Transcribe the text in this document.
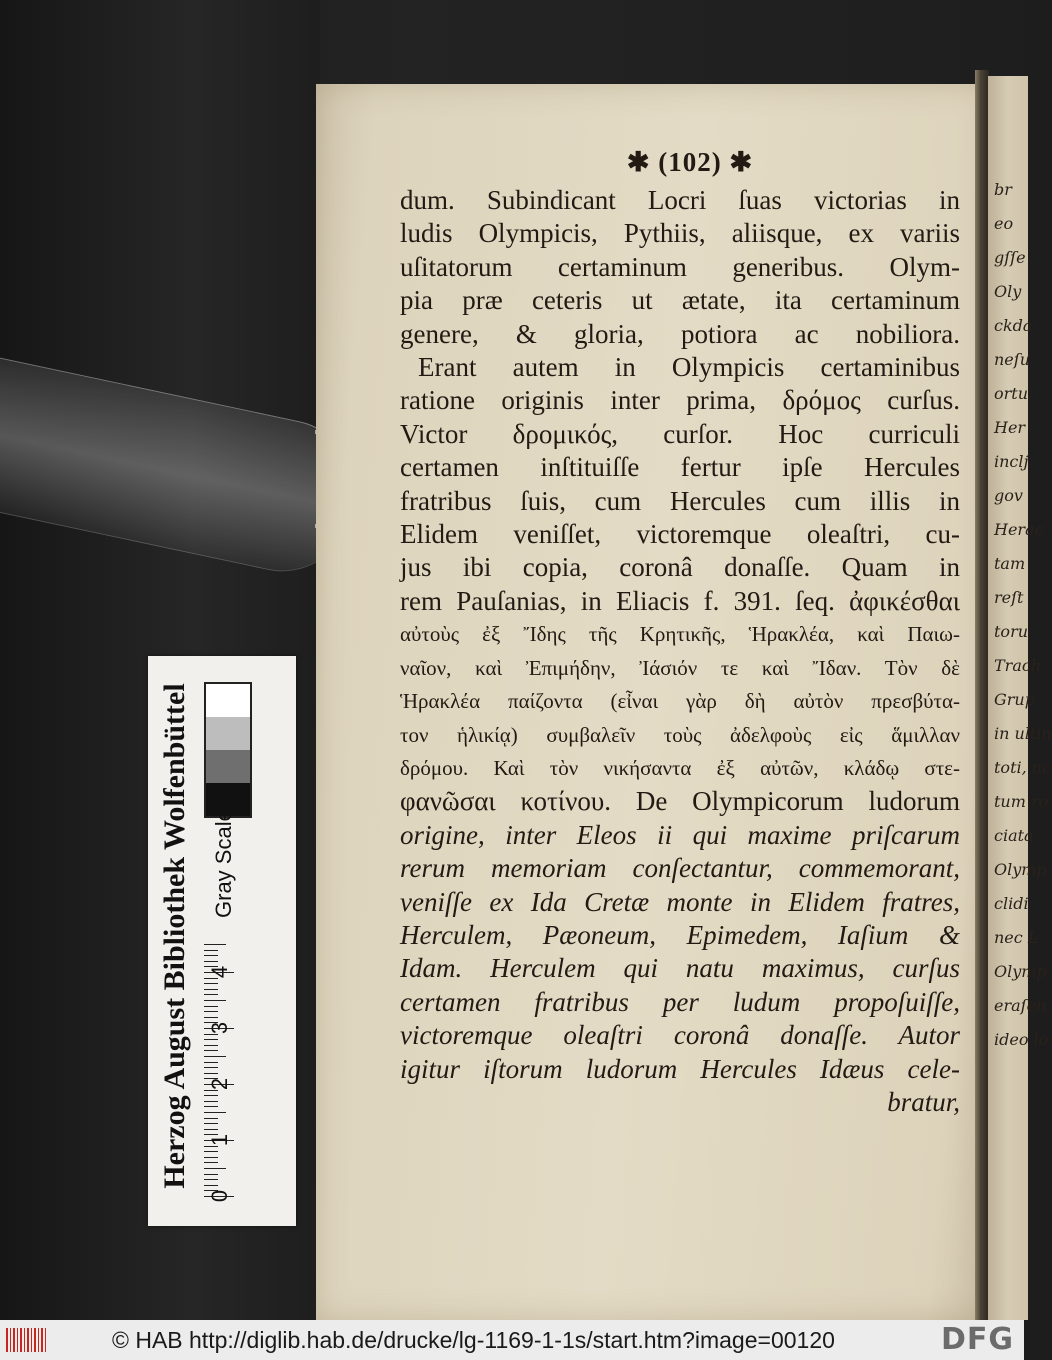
br
eo
gſſe
Oly
ckda
neſu
ortu
Her
inclj
gov
Herac
tam
reſt
toru
Trach
Grup
in ultin
toti, nc
tum ro
ciata
Olymp
clidi
nec L
Olymp
eraſen
ideo lo
✱ (102) ✱
dum. Subindicant Locri ſuas victorias in
ludis Olympicis, Pythiis, aliisque, ex variis
uſitatorum certaminum generibus. Olym-
pia præ ceteris ut ætate, ita certaminum
genere, & gloria, potiora ac nobiliora.
Erant autem in Olympicis certaminibus
ratione originis inter prima, δρόμος curſus.
Victor δρομικός, curſor. Hoc curriculi
certamen inſtituiſſe fertur ipſe Hercules
fratribus ſuis, cum Hercules cum illis in
Elidem veniſſet, victoremque oleaſtri, cu-
jus ibi copia, coronâ donaſſe. Quam in
rem Pauſanias, in Eliacis f. 391. ſeq. ἀφικέσθαι
αὐτοὺς ἐξ Ἴδης τῆς Κρητικῆς, Ἡρακλέα, καὶ Παιω-
ναῖον, καὶ Ἐπιμήδην, Ἰάσιόν τε καὶ Ἴδαν. Τὸν δὲ
Ἡρακλέα παίζοντα (εἶναι γὰρ δὴ αὐτὸν πρεσβύτα-
τον ἡλικίᾳ) συμβαλεῖν τοὺς ἀδελφοὺς εἰς ἅμιλλαν
δρόμου. Καὶ τὸν νικήσαντα ἐξ αὐτῶν, κλάδῳ στε-
φανῶσαι κοτίνου. De Olympicorum ludorum
origine, inter Eleos ii qui maxime priſcarum
rerum memoriam conſectantur, commemorant,
veniſſe ex Ida Cretæ monte in Elidem fratres,
Herculem, Pæoneum, Epimedem, Iaſium &
Idam. Herculem qui natu maximus, curſus
certamen fratribus per ludum propoſuiſſe,
victoremque oleaſtri coronâ donaſſe. Autor
igitur iſtorum ludorum Hercules Idæus cele-
bratur,
Herzog August Bibliothek Wolfenbüttel Gray Scale
0
1
2
3
4
© HAB http://diglib.hab.de/drucke/lg-1169-1-1s/start.htm?image=00120	DFG
